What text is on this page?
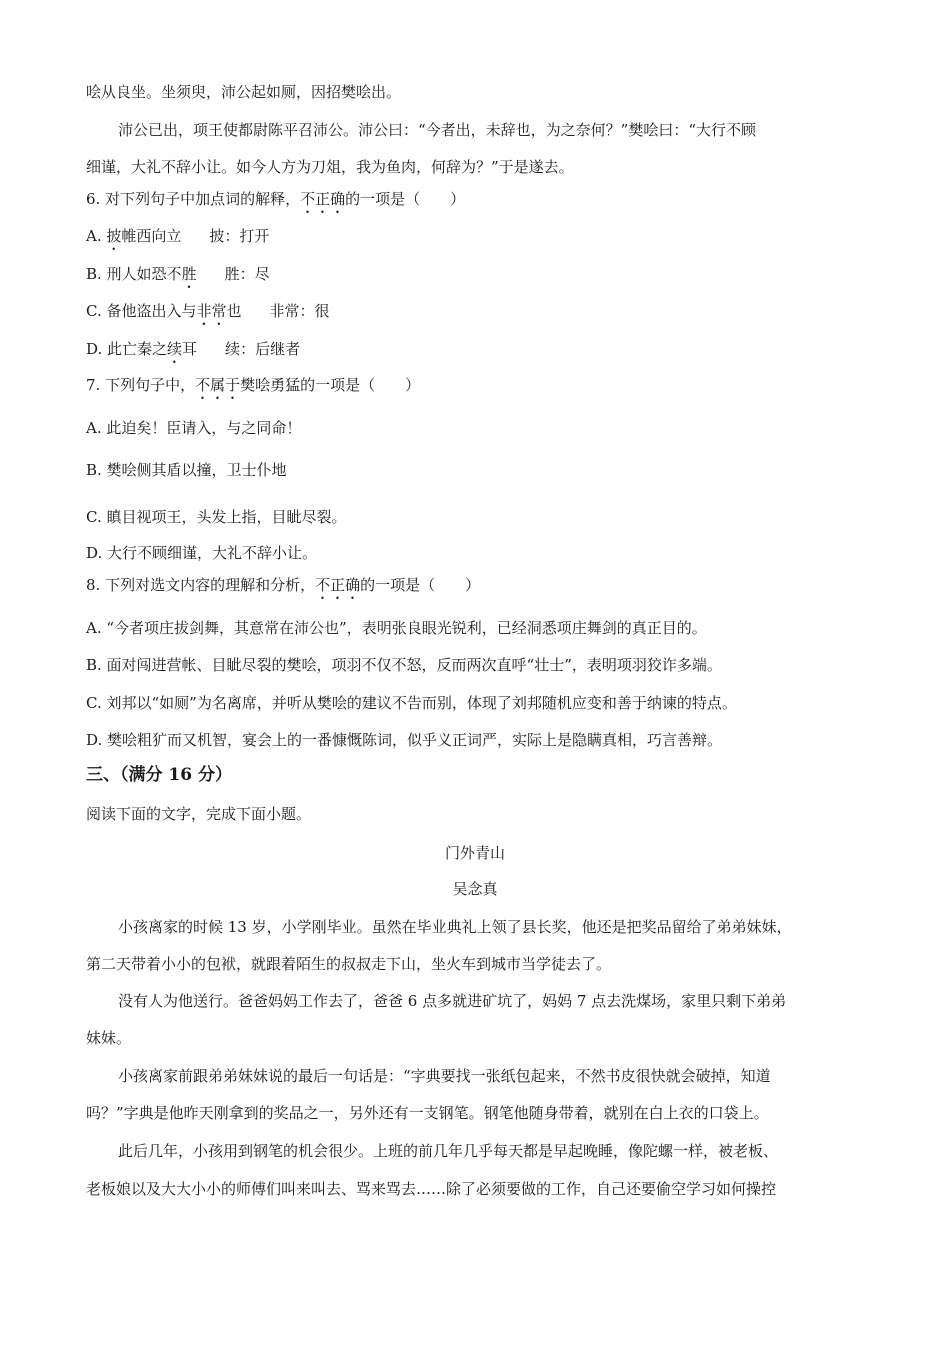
哙从良坐。坐须臾，沛公起如厕，因招樊哙出。
沛公已出，项王使都尉陈平召沛公。沛公曰：“今者出，未辞也，为之奈何？”樊哙曰：“大行不顾
细谨，大礼不辞小让。如今人方为刀俎，我为鱼肉，何辞为？”于是遂去。
6. 对下列句子中加点词的解释，不正确的一项是（　　）
A. 披帷西向立 披：打开
B. 刑人如恐不胜 胜：尽
C. 备他盗出入与非常也 非常：很
D. 此亡秦之续耳 续：后继者
7. 下列句子中，不属于樊哙勇猛的一项是（　　）
A. 此迫矣！臣请入，与之同命！
B. 樊哙侧其盾以撞，卫士仆地
C. 瞋目视项王，头发上指，目眦尽裂。
D. 大行不顾细谨，大礼不辞小让。
8. 下列对选文内容的理解和分析，不正确的一项是（　　）
A. “今者项庄拔剑舞，其意常在沛公也”，表明张良眼光锐利，已经洞悉项庄舞剑的真正目的。
B. 面对闯进营帐、目眦尽裂的樊哙，项羽不仅不怒，反而两次直呼“壮士”，表明项羽狡诈多端。
C. 刘邦以“如厕”为名离席，并听从樊哙的建议不告而别，体现了刘邦随机应变和善于纳谏的特点。
D. 樊哙粗犷而又机智，宴会上的一番慷慨陈词，似乎义正词严，实际上是隐瞒真相，巧言善辩。
三、（满分 16 分）
阅读下面的文字，完成下面小题。
门外青山
吴念真
小孩离家的时候 13 岁，小学刚毕业。虽然在毕业典礼上领了县长奖，他还是把奖品留给了弟弟妹妹，
第二天带着小小的包袱，就跟着陌生的叔叔走下山，坐火车到城市当学徒去了。
没有人为他送行。爸爸妈妈工作去了，爸爸 6 点多就进矿坑了，妈妈 7 点去洗煤场，家里只剩下弟弟
妹妹。
小孩离家前跟弟弟妹妹说的最后一句话是：“字典要找一张纸包起来，不然书皮很快就会破掉，知道
吗？”字典是他昨天刚拿到的奖品之一，另外还有一支钢笔。钢笔他随身带着，就别在白上衣的口袋上。
此后几年，小孩用到钢笔的机会很少。上班的前几年几乎每天都是早起晚睡，像陀螺一样，被老板、
老板娘以及大大小小的师傅们叫来叫去、骂来骂去……除了必须要做的工作，自己还要偷空学习如何操控
